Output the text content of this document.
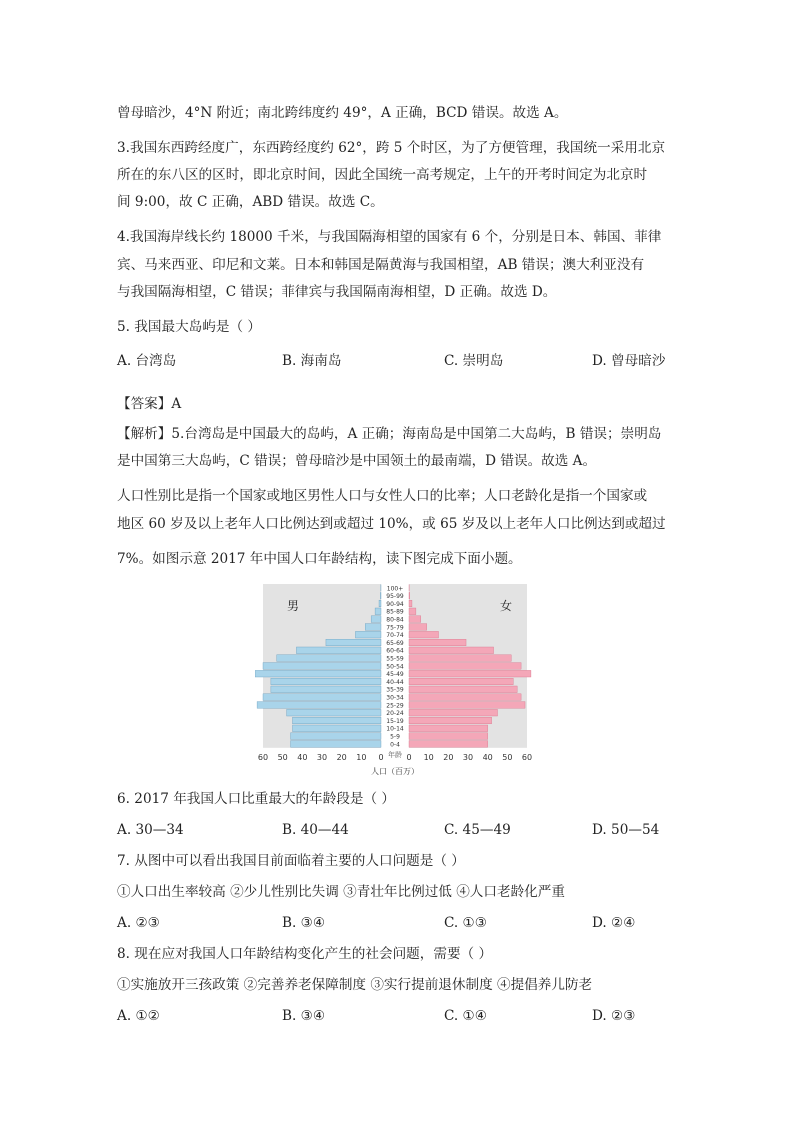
曾母暗沙，4°N 附近；南北跨纬度约 49°，A 正确，BCD 错误。故选 A。
3.我国东西跨经度广，东西跨经度约 62°，跨 5 个时区，为了方便管理，我国统一采用北京
所在的东八区的区时，即北京时间，因此全国统一高考规定，上午的开考时间定为北京时
间 9:00，故 C 正确，ABD 错误。故选 C。
4.我国海岸线长约 18000 千米，与我国隔海相望的国家有 6 个，分别是日本、韩国、菲律
宾、马来西亚、印尼和文莱。日本和韩国是隔黄海与我国相望，AB 错误；澳大利亚没有
与我国隔海相望，C 错误；菲律宾与我国隔南海相望，D 正确。故选 D。
5. 我国最大岛屿是（ ）
【答案】A
【解析】5.台湾岛是中国最大的岛屿，A 正确；海南岛是中国第二大岛屿，B 错误；崇明岛
是中国第三大岛屿，C 错误；曾母暗沙是中国领土的最南端，D 错误。故选 A。
人口性别比是指一个国家或地区男性人口与女性人口的比率；人口老龄化是指一个国家或
地区 60 岁及以上老年人口比例达到或超过 10%，或 65 岁及以上老年人口比例达到或超过
7%。如图示意 2017 年中国人口年龄结构，读下图完成下面小题。
6. 2017 年我国人口比重最大的年龄段是（ ）
7. 从图中可以看出我国目前面临着主要的人口问题是（ ）
①人口出生率较高 ②少儿性别比失调 ③青壮年比例过低 ④人口老龄化严重
8. 现在应对我国人口年龄结构变化产生的社会问题，需要（ ）
①实施放开三孩政策 ②完善养老保障制度 ③实行提前退休制度 ④提倡养儿防老
A. 台湾岛	B. 海南岛	C. 崇明岛	D. 曾母暗沙
A. 30—34	B. 40—44	C. 45—49	D. 50—54
A. ②③	B. ③④	C. ①③	D. ②④
A. ①②	B. ③④	C. ①④	D. ②③
100+
95-99
90-94
85-89
80-84
75-79
70-74
65-69
60-64
55-59
50-54
45-49
40-44
35-39
30-34
25-29
20-24
15-19
10-14
5-9
0-4
60 50 40 30 20 10 0	0 10 20 30 40 50 60
男	女
年龄
人口（百万）
